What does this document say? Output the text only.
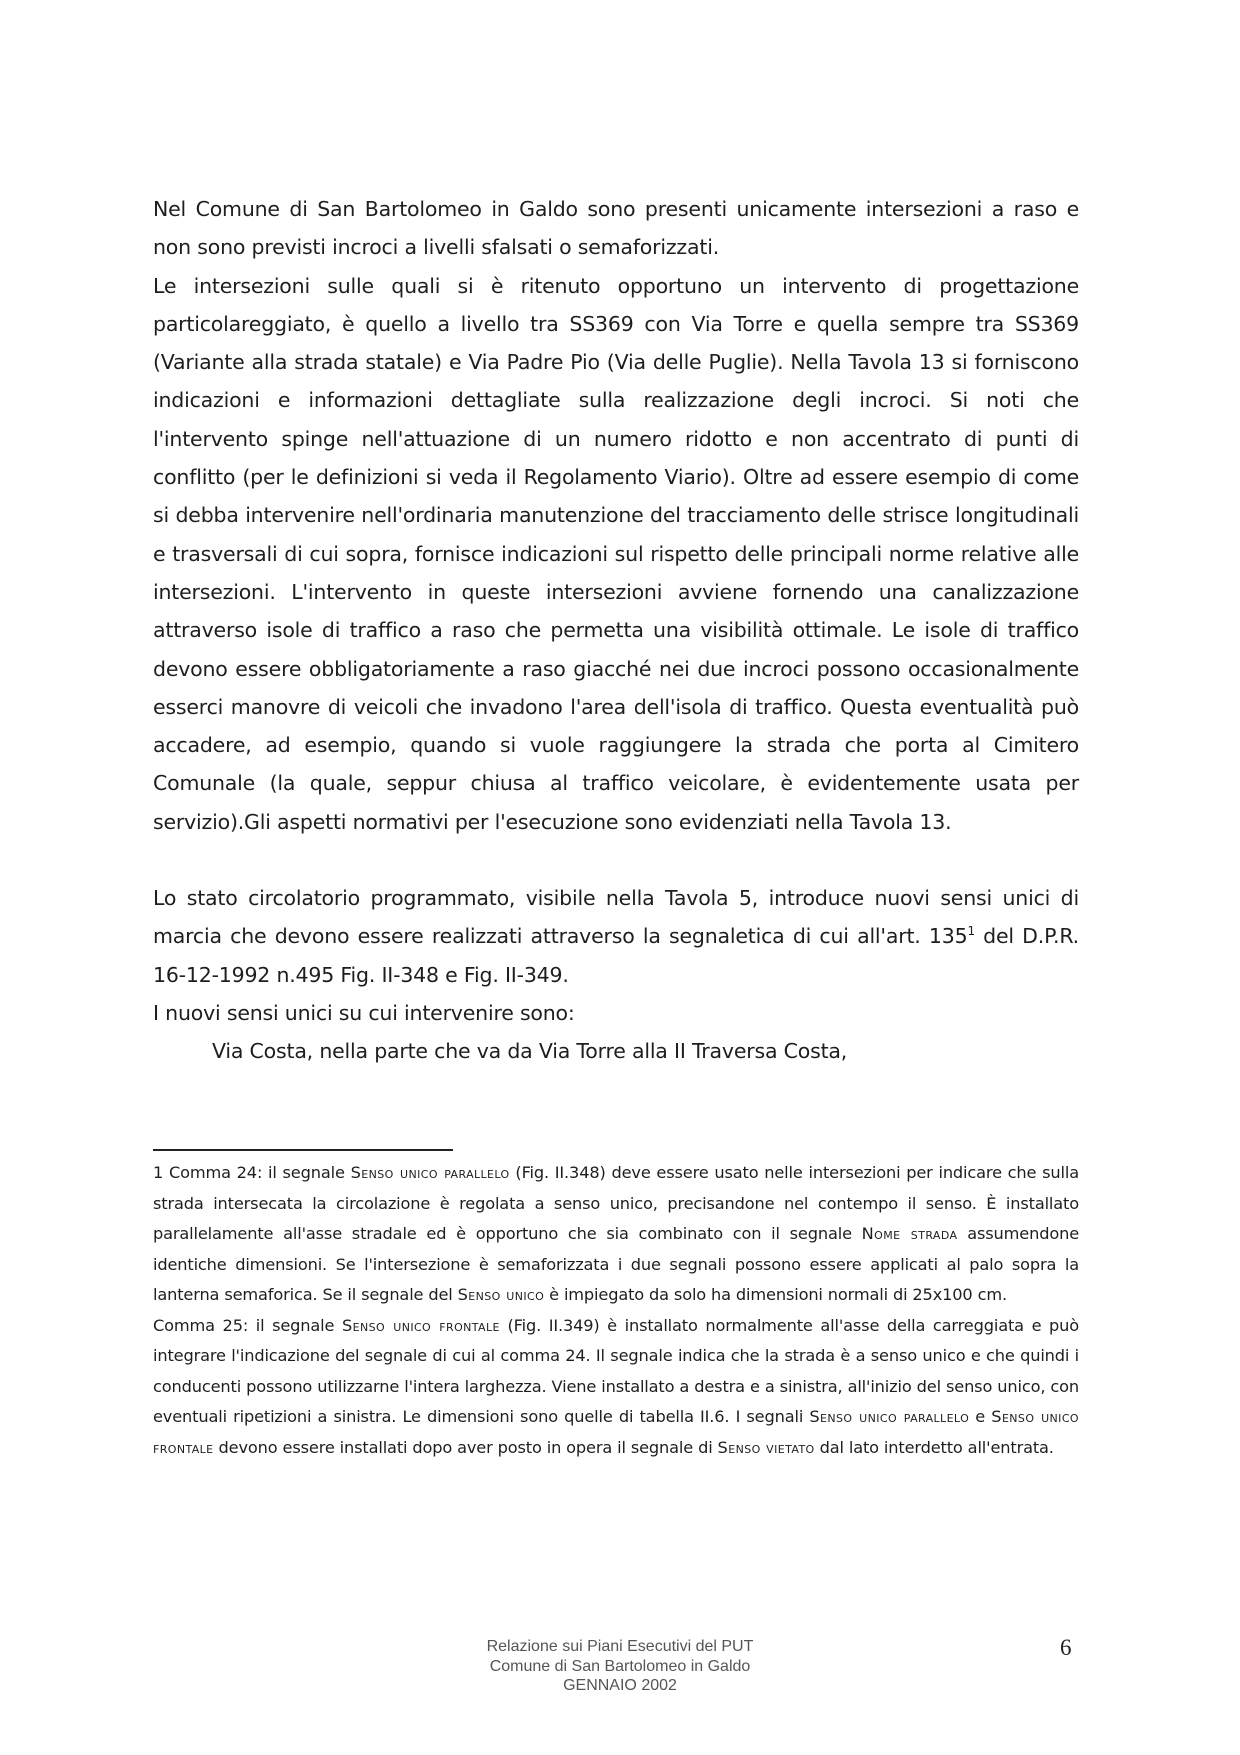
Nel Comune di San Bartolomeo in Galdo sono presenti unicamente intersezioni a raso e non sono previsti incroci a livelli sfalsati o semaforizzati.

Le intersezioni sulle quali si è ritenuto opportuno un intervento di progettazione particolareggiato, è quello a livello tra SS369 con Via Torre e quella sempre tra SS369 (Variante alla strada statale) e Via Padre Pio (Via delle Puglie). Nella Tavola 13 si forniscono indicazioni e informazioni dettagliate sulla realizzazione degli incroci. Si noti che l'intervento spinge nell'attuazione di un numero ridotto e non accentrato di punti di conflitto (per le definizioni si veda il Regolamento Viario). Oltre ad essere esempio di come si debba intervenire nell'ordinaria manutenzione del tracciamento delle strisce longitudinali e trasversali di cui sopra, fornisce indicazioni sul rispetto delle principali norme relative alle intersezioni. L'intervento in queste intersezioni avviene fornendo una canalizzazione attraverso isole di traffico a raso che permetta una visibilità ottimale. Le isole di traffico devono essere obbligatoriamente a raso giacché nei due incroci possono occasionalmente esserci manovre di veicoli che invadono l'area dell'isola di traffico. Questa eventualità può accadere, ad esempio, quando si vuole raggiungere la strada che porta al Cimitero Comunale (la quale, seppur chiusa al traffico veicolare, è evidentemente usata per servizio).Gli aspetti normativi per l'esecuzione sono evidenziati nella Tavola 13.

Lo stato circolatorio programmato, visibile nella Tavola 5, introduce nuovi sensi unici di marcia che devono essere realizzati attraverso la segnaletica di cui all'art. $135^1$ del D.P.R. 16-12-1992 n.495 Fig. II-348 e Fig. II-349.

I nuovi sensi unici su cui intervenire sono:

Via Costa, nella parte che va da Via Torre alla II Traversa Costa,

1 Comma 24: il segnale Senso unico parallelo (Fig. II.348) deve essere usato nelle intersezioni per indicare che sulla strada intersecata la circolazione è regolata a senso unico, precisandone nel contempo il senso. È installato parallelamente all'asse stradale ed è opportuno che sia combinato con il segnale Nome strada assumendone identiche dimensioni. Se l'intersezione è semaforizzata i due segnali possono essere applicati al palo sopra la lanterna semaforica. Se il segnale del Senso unico è impiegato da solo ha dimensioni normali di 25x100 cm.

Comma 25: il segnale Senso unico frontale (Fig. II.349) è installato normalmente all'asse della carreggiata e può integrare l'indicazione del segnale di cui al comma 24. Il segnale indica che la strada è a senso unico e che quindi i conducenti possono utilizzarne l'intera larghezza. Viene installato a destra e a sinistra, all'inizio del senso unico, con eventuali ripetizioni a sinistra. Le dimensioni sono quelle di tabella II.6. I segnali Senso unico parallelo e Senso unico frontale devono essere installati dopo aver posto in opera il segnale di Senso vietato dal lato interdetto all'entrata.

Relazione sui Piani Esecutivi del PUT
Comune di San Bartolomeo in Galdo
GENNAIO 2002
6
